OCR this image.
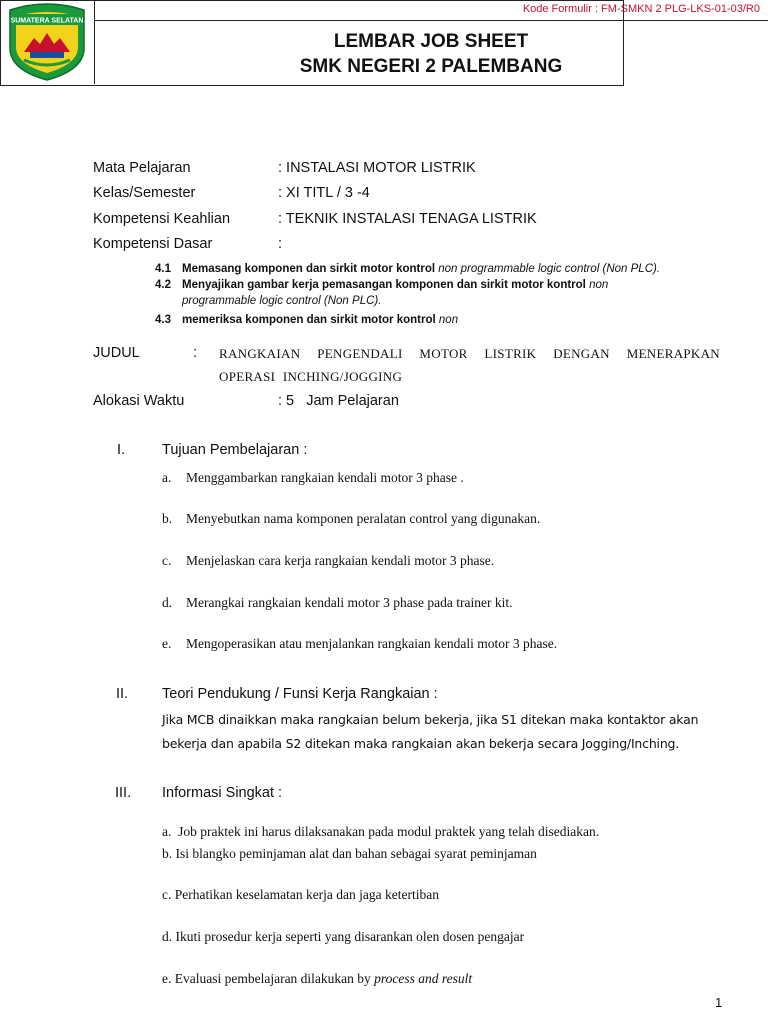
SUMATERA SELATAN
Kode Formulir : FM-SMKN 2 PLG-LKS-01-03/R0
LEMBAR JOB SHEET
SMK NEGERI 2 PALEMBANG
Mata Pelajaran	: INSTALASI MOTOR LISTRIK
Kelas/Semester	: XI TITL / 3 -4
Kompetensi Keahlian	: TEKNIK INSTALASI TENAGA LISTRIK
Kompetensi Dasar	:
4.1 Memasang komponen dan sirkit motor kontrol non programmable logic control (Non PLC).
4.2 Menyajikan gambar kerja pemasangan komponen dan sirkit motor kontrol non
programmable logic control (Non PLC).
4.3 memeriksa komponen dan sirkit motor kontrol non
JUDUL	: RANGKAIAN PENGENDALI MOTOR LISTRIK DENGAN MENERAPKAN
OPERASI INCHING/JOGGING
Alokasi Waktu	: 5   Jam Pelajaran
I.	Tujuan Pembelajaran :
a. Menggambarkan rangkaian kendali motor 3 phase .
b. Menyebutkan nama komponen peralatan control yang digunakan.
c. Menjelaskan cara kerja rangkaian kendali motor 3 phase.
d. Merangkai rangkaian kendali motor 3 phase pada trainer kit.
e. Mengoperasikan atau menjalankan rangkaian kendali motor 3 phase.
II. Teori Pendukung / Funsi Kerja Rangkaian :
Jika MCB dinaikkan maka rangkaian belum bekerja, jika S1 ditekan maka kontaktor akan
bekerja dan apabila S2 ditekan maka rangkaian akan bekerja secara Jogging/Inching.
III. Informasi Singkat :
a.  Job praktek ini harus dilaksanakan pada modul praktek yang telah disediakan.
b. Isi blangko peminjaman alat dan bahan sebagai syarat peminjaman
c. Perhatikan keselamatan kerja dan jaga ketertiban
d. Ikuti prosedur kerja seperti yang disarankan olen dosen pengajar
e. Evaluasi pembelajaran dilakukan by process and result
1
